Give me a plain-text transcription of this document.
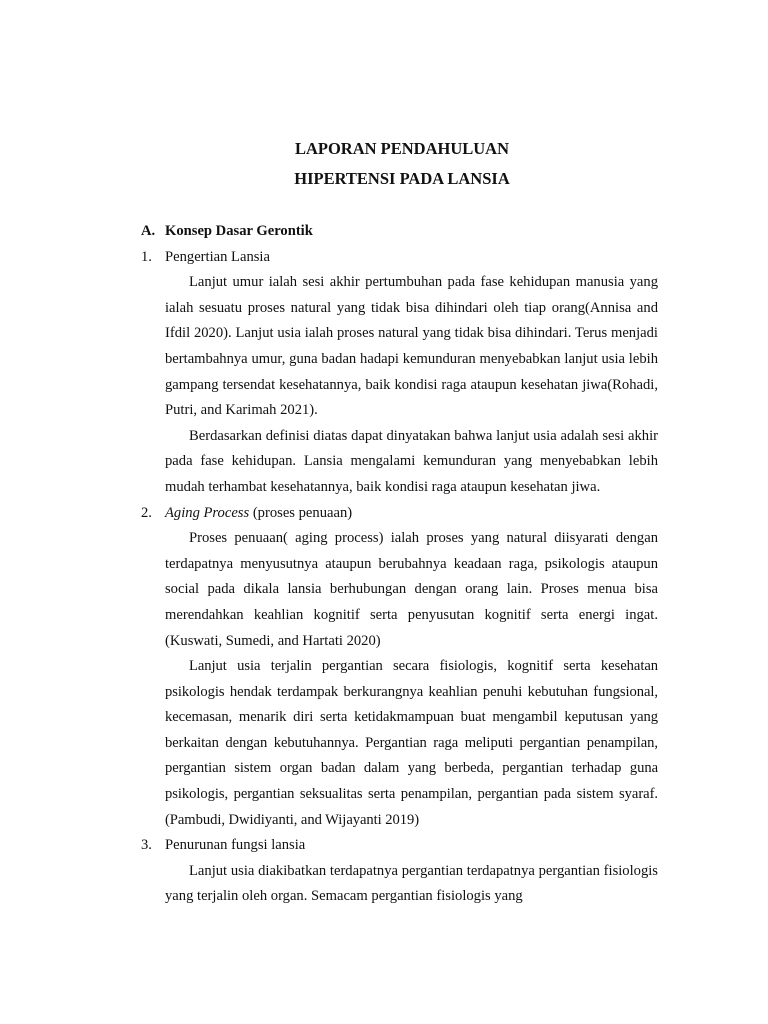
LAPORAN PENDAHULUAN
HIPERTENSI PADA LANSIA
A. Konsep Dasar Gerontik
1. Pengertian Lansia

Lanjut umur ialah sesi akhir pertumbuhan pada fase kehidupan manusia yang ialah sesuatu proses natural yang tidak bisa dihindari oleh tiap orang(Annisa and Ifdil 2020). Lanjut usia ialah proses natural yang tidak bisa dihindari. Terus menjadi bertambahnya umur, guna badan hadapi kemunduran menyebabkan lanjut usia lebih gampang tersendat kesehatannya, baik kondisi raga ataupun kesehatan jiwa(Rohadi, Putri, and Karimah 2021).

Berdasarkan definisi diatas dapat dinyatakan bahwa lanjut usia adalah sesi akhir pada fase kehidupan. Lansia mengalami kemunduran yang menyebabkan lebih mudah terhambat kesehatannya, baik kondisi raga ataupun kesehatan jiwa.

2. Aging Process (proses penuaan)

Proses penuaan( aging process) ialah proses yang natural diisyarati dengan terdapatnya menyusutnya ataupun berubahnya keadaan raga, psikologis ataupun social pada dikala lansia berhubungan dengan orang lain. Proses menua bisa merendahkan keahlian kognitif serta penyusutan kognitif serta energi ingat.(Kuswati, Sumedi, and Hartati 2020)

Lanjut usia terjalin pergantian secara fisiologis, kognitif serta kesehatan psikologis hendak terdampak berkurangnya keahlian penuhi kebutuhan fungsional, kecemasan, menarik diri serta ketidakmampuan buat mengambil keputusan yang berkaitan dengan kebutuhannya. Pergantian raga meliputi pergantian penampilan, pergantian sistem organ badan dalam yang berbeda, pergantian terhadap guna psikologis, pergantian seksualitas serta penampilan, pergantian pada sistem syaraf. (Pambudi, Dwidiyanti, and Wijayanti 2019)

3. Penurunan fungsi lansia

Lanjut usia diakibatkan terdapatnya pergantian terdapatnya pergantian fisiologis yang terjalin oleh organ. Semacam pergantian fisiologis yang
